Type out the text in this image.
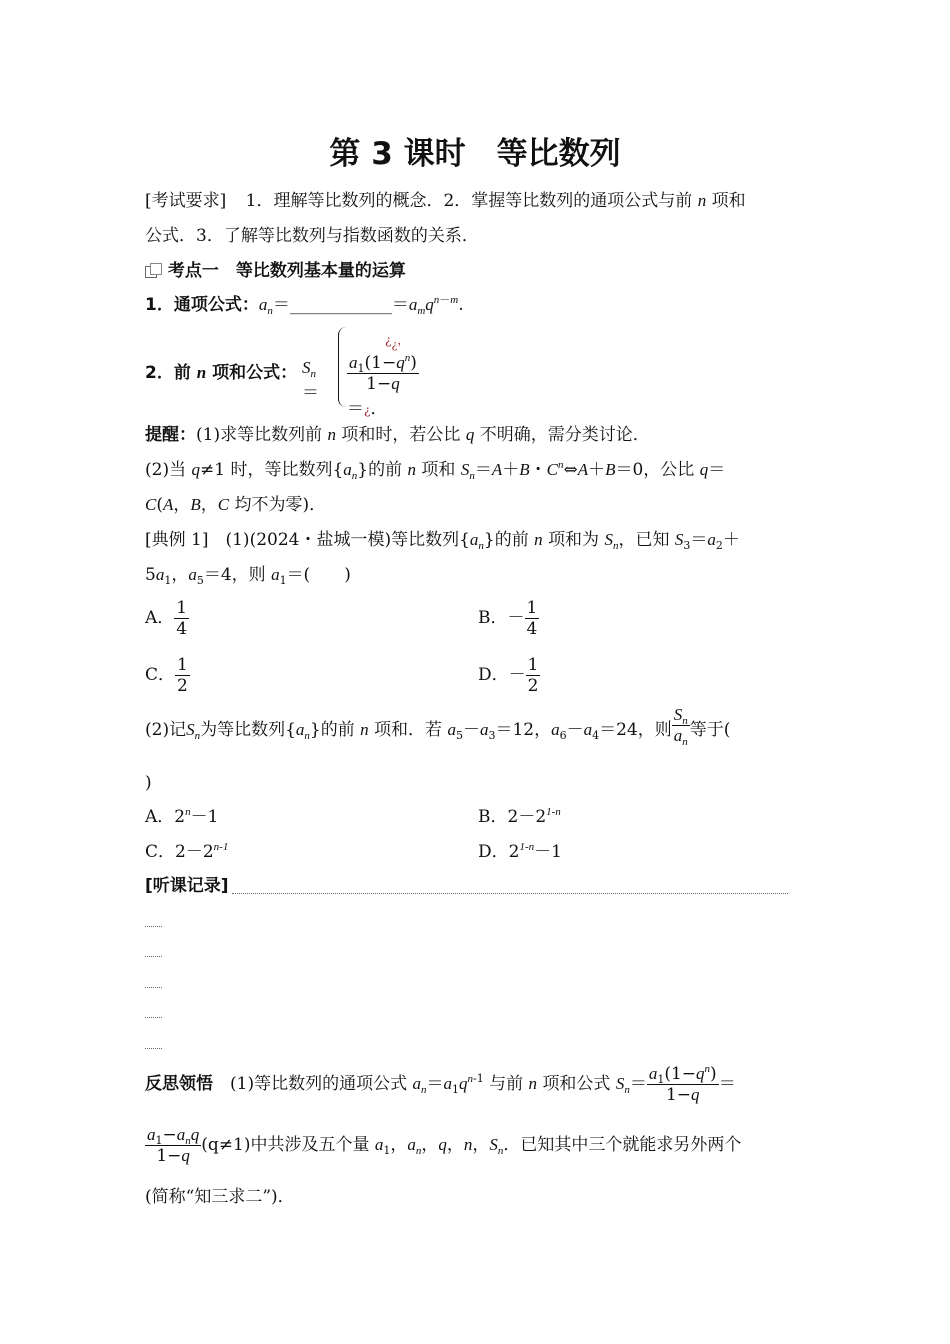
第 3 课时　等比数列
[考试要求] 1．理解等比数列的概念．2．掌握等比数列的通项公式与前 n 项和
公式．3．了解等比数列与指数函数的关系．
考点一　等比数列基本量的运算
1．通项公式：$a_n=\_\_\_\_\_\_\_\_\_\_\_\_=a_mq^{n-m}$.
2．前 n 项和公式： $S_n=$
¿$_¿$，
$\frac{a_1(1-q^n)}{1-q}$
＝¿．
提醒：(1)求等比数列前 n 项和时，若公比 q 不明确，需分类讨论．
(2)当 q≠1 时，等比数列$\{a_n\}$的前 n 项和 $S_n=A+B$・$C^n\Leftrightarrow A+B=0$，公比 q＝
C(A，B，C 均不为零)．
[典例 1]　 (1)(2024・盐城一模)等比数列$\{a_n\}$的前 n 项和为 $S_n$，已知 $S_3=a_2+$
$5a_1$，$a_5=4$，则 $a_1=$(　　)
A． $\frac{1}{4}$	B．－ $\frac{1}{4}$
C． $\frac{1}{2}$	D．－ $\frac{1}{2}$
(2)记$S_n$为等比数列$\{a_n\}$的前 n 项和．若 $a_5-a_3=12$，$a_6-a_4=24$，则 $\frac{S_n}{a_n}$ 等于(
)
A．$2^n-1$	B．$2-2^{1-n}$
C．$2-2^{n-1}$	D．$2^{1-n}-1$
[听课记录]
反思领悟　 (1)等比数列的通项公式 $a_n=a_1q^{n-1}$ 与前 n 项和公式 $S_n= \frac{a_1(1-q^n)}{1-q}$ ＝
$\frac{a_1-a_nq}{1-q} (q\ne 1)$中共涉及五个量 $a_1$，$a_n$，q，n，$S_n$．已知其中三个就能求另外两个
(简称“知三求二”)．
